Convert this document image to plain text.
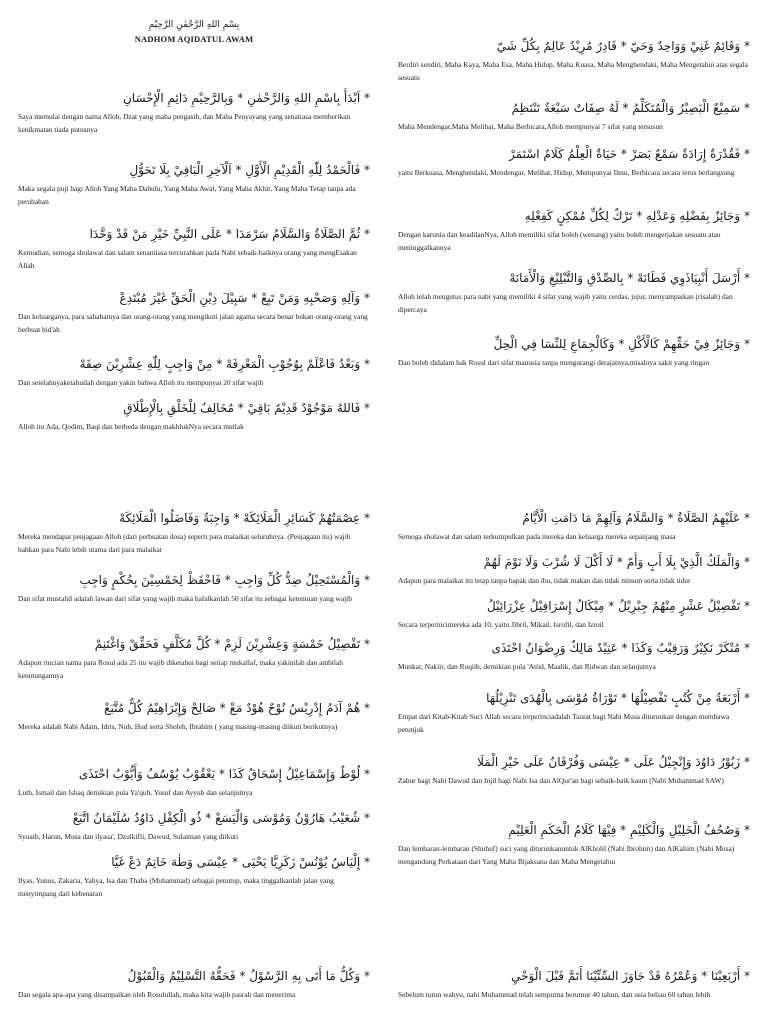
بِسْمِ اللهِ الرَّحْمٰنِ الرَّحِيْمِ
NADHOM AQIDATUL AWAM
* اَبْدَأُ بِاسْمِ اللهِ وَالرَّحْمٰنِ * وَبِالرَّحِيْمِ دَائِمِ الْإِحْسَانِ
Saya memulai dengan nama Alloh, Dzat yang maha pengasih, dan Maha Penyayang yang senatiasa memberikan kenikmatan tiada putusnya
* فَالْحَمْدُ لِلّٰهِ الْقَدِيْمِ الْأَوَّلِ * اَلْآخِرِ الْبَاقِيْ بِلَا تَحَوُّلِ
Maka segala puji bagi Alloh Yang Maha Dahulu, Yang Maha Awal, Yang Maha Akhir, Yang Maha Tetap tanpa ada perubahan
* ثُمَّ الصَّلَاةُ وَالسَّلَامُ سَرْمَدَا * عَلَى النَّبِيِّ خَيْرِ مَنْ قَدْ وَحَّدَا
Kemudian, semoga sholawat dan salam senantiasa tercurahkan pada Nabi sebaik-baiknya orang yang mengEsakan Allah
* وَآلِهِ وَصَحْبِهِ وَمَنْ تَبِعْ * سَبِيْلَ دِيْنِ الْحَقِّ غَيْرَ مُبْتَدِعْ
Dan keluarganya, para sahabatnya dan orang-orang yang mengikuti jalan agama secara benar bukan orang-orang yang berbuat bid'ah
* وَبَعْدُ فَاعْلَمْ بِوُجُوْبِ الْمَعْرِفَهْ * مِنْ وَاجِبٍ لِلّٰهِ عِشْرِيْنَ صِفَهْ
Dan setelahnyaketahuilah dengan yakin bahwa Alloh itu mempunyai 20 sifat wajib
* فَاللهُ مَوْجُوْدٌ قَدِيْمٌ بَاقِيْ * مُخَالِفٌ لِلْخَلْقِ بِالْإِطْلَاقِ
Alloh itu Ada, Qodim, Baqi dan berbeda dengan makhlukNya secara mutlak
* وَقَائِمٌ غَنِيْ وَوَاحِدٌ وَحَيّ * قَادِرٌ مُرِيْدٌ عَالِمٌ بِكُلِّ شَيّ
Berdiri sendiri, Maha Kaya, Maha Esa, Maha Hidup, Maha Kuasa, Maha Menghendaki, Maha Mengetahui atas segala sesuatu
* سَمِيْعٌ الْبَصِيْرُ وَالْمُتَكَلِّمُ * لَهُ صِفَاتٌ سَبْعَةٌ تَنْتَظِمُ
Maha Mendengar,Maha Melihat, Maha Berbicara,Alloh mempunyai 7 sifat yang tersusun
* فَقُدْرَةٌ إِرَادَةٌ سَمْعٌ بَصَرْ * حَيَاةٌ الْعِلْمُ كَلَامٌ اسْتَمَرْ
yaitu Berkuasa, Menghendaki, Mendengar, Melihat, Hidup, Mempunyai Ilmu, Berbicara secara terus berlangsung
* وَجَائِزٌ بِفَضْلِهِ وَعَدْلِهِ * تَرْكٌ لِكُلِّ مُمْكِنٍ كَفِعْلِهِ
Dengan karunia dan keadilanNya, Alloh memiliki sifat boleh (wenang) yaitu boleh mengerjakan sesuatu atau meninggalkannya
* أَرْسَلَ أَنْبِيَاذَوِي فَطَانَهْ * بِالصِّدْقِ وَالتَّبْلِيْغِ وَالْأَمَانَهْ
Alloh telah mengutus para nabi yang memiliki 4 sifat yang wajib yaitu cerdas, jujur, menyampaikan (risalah) dan dipercaya
* وَجَائِزٌ فِيْ حَقِّهِمْ كَالْأَكْلِ * وَكَالْجِمَاعِ لِلنِّسَا فِي الْحِلِّ
Dan boleh didalam hak Rosul dari sifat manusia tanpa mengurangi derajatnya,misalnya sakit yang ringan
* عِصْمَتُهُمْ كَسَائِرِ الْمَلَائِكَهْ * وَاجِبَةٌ وَفَاضَلُوا الْمَلَائِكَهْ
Mereka mendapat penjagaan Alloh (dari perbuatan dosa) seperti para malaikat seluruhnya. (Penjagaan itu) wajib bahkan para Nabi lebih utama dari para malaikat
* وَالْمُسْتَحِيْلُ ضِدُّ كُلِّ وَاجِبِ * فَاحْفَظْ لِخَمْسِيْنَ بِحُكْمٍ وَاجِبِ
Dan sifat mustahil adalah lawan dari sifat yang wajib maka hafalkanlah 50 sifat itu sebagai ketentuan yang wajib
* تَفْصِيْلُ خَمْسَةٍ وَعِشْرِيْنَ لَزِمْ * كُلَّ مُكَلَّفٍ فَحَقِّقْ وَاغْتَنِمْ
Adapun rincian nama para Rosul ada 25 itu wajib diketahui bagi setiap mukallaf, maka yakinilah dan ambilah keuntungannya
* هُمْ آدَمُ إِدْرِيْسُ نُوْحٌ هُوْدٌ مَعْ * صَالِحْ وَإِبْرَاهِيْمُ كُلٌّ مُتَّبَعْ
Mereka adalah Nabi Adam, Idris, Nuh, Hud serta Sholeh, Ibrahim ( yang masing-masing diikuti berikutnya)
* لُوْطٌ وَإِسْمَاعِيْلُ إِسْحَاقُ كَذَا * يَعْقُوْبُ يُوْسُفُ وَأَيُّوْبُ احْتَذَى
Luth, Ismail dan Ishaq demikian pula Ya'qub, Yusuf dan Ayyub dan selanjutnya
* شُعَيْبُ هَارُوْنُ وَمُوْسَى وَالْيَسَعْ * ذُو الْكِفْلِ دَاوُدُ سُلَيْمَانُ اتَّبَعْ
Syuaib, Harun, Musa dan ilyasa', Dzulkifli, Dawud, Sulaiman yang diikuti
* إِلْيَاسُ يُوْنُسْ زَكَرِيَّا يَحْيَى * عِيْسَى وَطٰهَ خَاتِمٌ دَعْ غَيَّا
Ilyas, Yunus, Zakaria, Yahya, Isa dan Thaha (Muhammad) sebagai penutup, maka tinggalkanlah jalan yang menyimpang dari kebenaran
* عَلَيْهِمُ الصَّلَاةُ * وَالسَّلَامُ وَآلِهِمْ مَا دَامَتِ الْأَيَّامُ
Semoga sholawat dan salam terkumpulkan pada mereka dan keluarga mereka sepanjang masa
* وَالْمَلَكُ الَّذِيْ بِلَا أَبٍ وَأُمّ * لَا أَكْلَ لَا شُرْبَ وَلَا نَوْمَ لَهُمْ
Adapun para malaikat itu tetap tanpa bapak dan ibu, tidak makan dan tidak minum serta tidak tidur
* تَفْصِيْلُ عَشْرٍ مِنْهُمُ جِبْرِيْلُ * مِيْكَالُ إِسْرَافِيْلُ عِزْرَائِيْلُ
Secara terperincimereka ada 10, yaitu Jibril, Mikail, Isrofil, dan Izroil
* مُنْكَرْ نَكِيْرٌ وَرَقِيْبٌ وَكَذَا * عَتِيْدٌ مَالِكٌ وَرِضْوَانُ احْتَذَى
Munkar, Nakiir, dan Roqiib, demikian pula 'Atiid, Maalik, dan Ridwan dan selanjutnya
* أَرْبَعَةٌ مِنْ كُتُبٍ تَفْصِيْلُهَا * تَوْرَاةُ مُوْسَى بِالْهُدَى تَنْزِيْلُهَا
Empat dari Kitab-Kitab Suci Allah secara terperinciadalah Taurat bagi Nabi Musa diturunkan dengan membawa petunjuk
* زَبُوْرُ دَاوُدَ وَإِنْجِيْلُ عَلَى * عِيْسَى وَفُرْقَانُ عَلَى خَيْرِ الْمَلَا
Zabur bagi Nabi Dawud dan Injil bagi Nabi Isa dan AlQur'an bagi sebaik-baik kaum (Nabi Muhammad SAW)
* وَصُحُفُ الْخَلِيْلِ وَالْكَلِيْمِ * فِيْهَا كَلَامُ الْحَكَمِ الْعَلِيْمِ
Dan lembaran-lembaran (Shuhuf) suci yang diturunkanuntuk AlKholil (Nabi Ibrohim) dan AlKaliim (Nabi Musa) mengandung Perkataan dari Yang Maha Bijaksana dan Maha Mengetahui
* وَكُلُّ مَا أَتَى بِهِ الرَّسُوْلُ * فَحَقُّهُ التَّسْلِيْمُ وَالْقَبُوْلُ
Dan segala apa-apa yang disampaikan oleh Rosulullah, maka kita wajib pasrah dan menerima
* أَرْبَعِيْنَا * وَعُمْرُهُ قَدْ جَاوَزَ السِّتِّيْنَا أَتَمَّ قَبْلَ الْوَحْيِ
Sebelum turun wahyu, nabi Muhammad telah sempurna berumur 40 tahun, dan usia beliau 60 tahun lebih
